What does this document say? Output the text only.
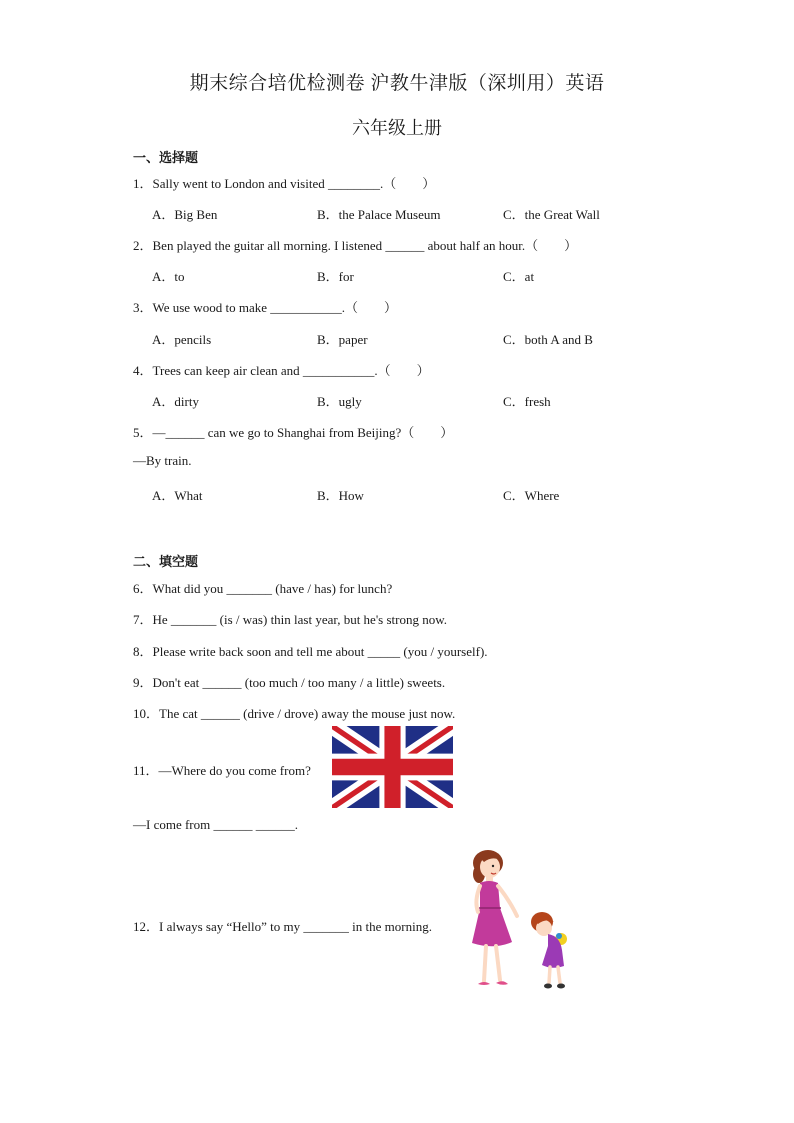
期末综合培优检测卷 沪教牛津版（深圳用）英语
六年级上册
一、选择题
1．Sally went to London and visited ________.（　　）
A．Big Ben	B．the Palace Museum	C．the Great Wall
2．Ben played the guitar all morning. I listened ______ about half an hour.（　　）
A．to	B．for	C．at
3．We use wood to make ___________.（　　）
A．pencils	B．paper	C．both A and B
4．Trees can keep air clean and ___________.（　　）
A．dirty	B．ugly	C．fresh
5．—______ can we go to Shanghai from Beijing?（　　）
—By train.
A．What	B．How	C．Where
二、填空题
6．What did you _______ (have / has) for lunch?
7．He _______ (is / was) thin last year, but he's strong now.
8．Please write back soon and tell me about _____ (you / yourself).
9．Don't eat ______ (too much / too many / a little) sweets.
10．The cat ______ (drive / drove) away the mouse just now.
11．—Where do you come from?
—I come from ______ ______.
12．I always say “Hello” to my _______ in the morning.
